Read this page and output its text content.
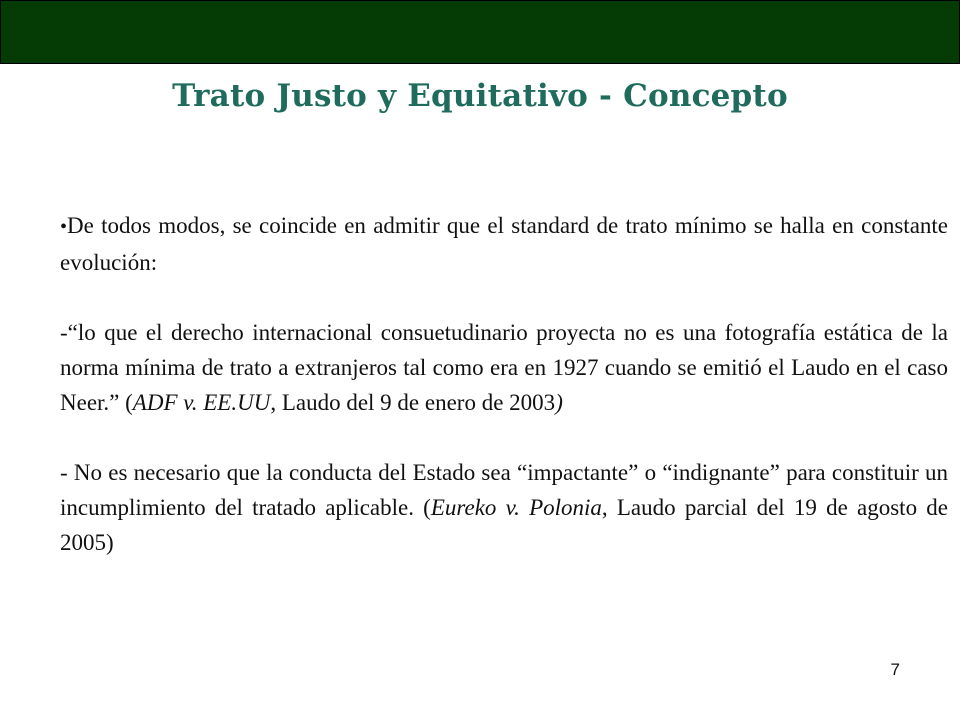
Trato Justo y Equitativo - Concepto

•De todos modos, se coincide en admitir que el standard de trato mínimo se halla en constante evolución:

-“lo que el derecho internacional consuetudinario proyecta no es una fotografía estática de la norma mínima de trato a extranjeros tal como era en 1927 cuando se emitió el Laudo en el caso Neer.” (ADF v. EE.UU, Laudo del 9 de enero de 2003)

- No es necesario que la conducta del Estado sea “impactante” o “indignante” para constituir un incumplimiento del tratado aplicable. (Eureko v. Polonia, Laudo parcial del 19 de agosto de 2005)

7
